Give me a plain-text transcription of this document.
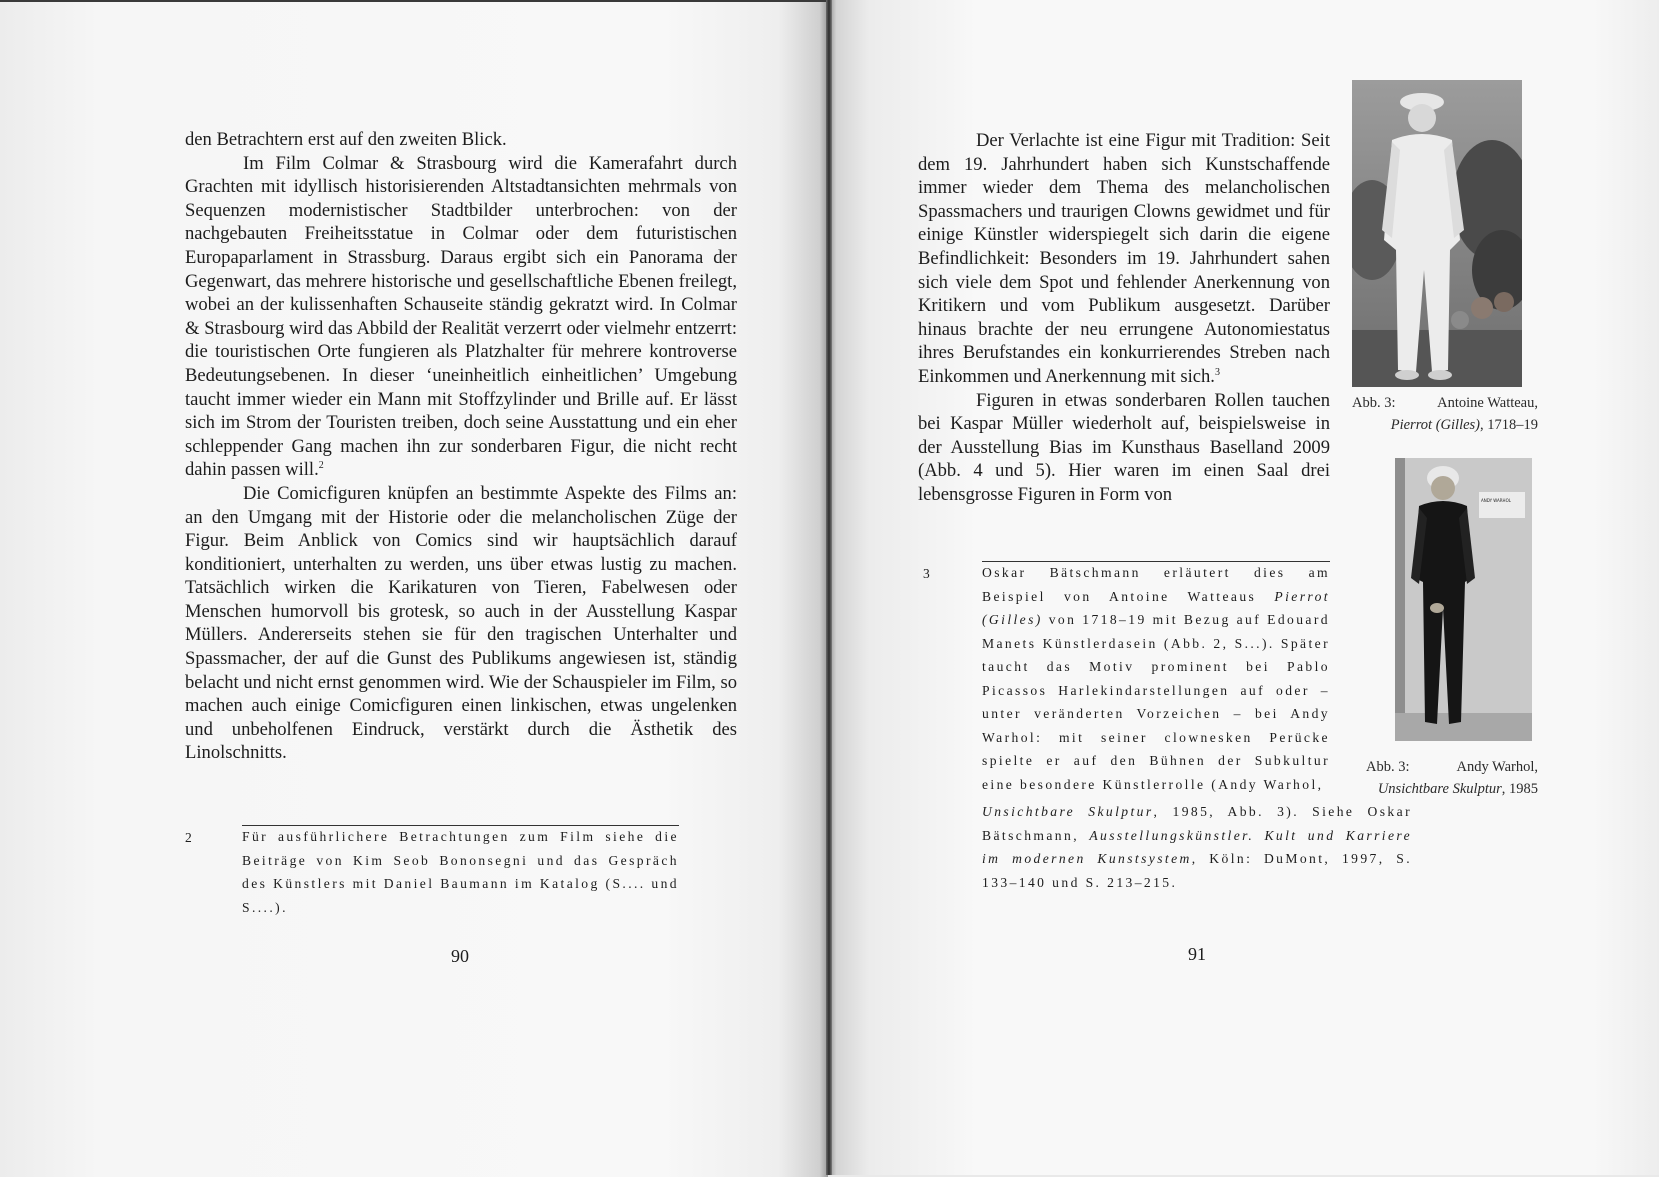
den Betrachtern erst auf den zweiten Blick.

Im Film Colmar & Strasbourg wird die Kamerafahrt durch Grachten mit idyllisch historisierenden Altstadtansichten mehrmals von Sequenzen modernistischer Stadtbilder unterbrochen: von der nachgebauten Freiheitsstatue in Colmar oder dem futuristischen Europaparlament in Strassburg. Daraus ergibt sich ein Panorama der Gegenwart, das mehrere historische und gesellschaftliche Ebenen freilegt, wobei an der kulissenhaften Schauseite ständig gekratzt wird. In Colmar & Strasbourg wird das Abbild der Realität verzerrt oder vielmehr entzerrt: die touristischen Orte fungieren als Platzhalter für mehrere kontroverse Bedeutungsebenen. In dieser ‘uneinheitlich einheitlichen’ Umgebung taucht immer wieder ein Mann mit Stoffzylinder und Brille auf. Er lässt sich im Strom der Touristen treiben, doch seine Ausstattung und ein eher schleppender Gang machen ihn zur sonderbaren Figur, die nicht recht dahin passen will.$^2$

Die Comicfiguren knüpfen an bestimmte Aspekte des Films an: an den Umgang mit der Historie oder die melancholischen Züge der Figur. Beim Anblick von Comics sind wir hauptsächlich darauf konditioniert, unterhalten zu werden, uns über etwas lustig zu machen. Tatsächlich wirken die Karikaturen von Tieren, Fabelwesen oder Menschen humorvoll bis grotesk, so auch in der Ausstellung Kaspar Müllers. Andererseits stehen sie für den tragischen Unterhalter und Spassmacher, der auf die Gunst des Publikums angewiesen ist, ständig belacht und nicht ernst genommen wird. Wie der Schauspieler im Film, so machen auch einige Comicfiguren einen linkischen, etwas ungelenken und unbeholfenen Eindruck, verstärkt durch die Ästhetik des Linolschnitts.

2	Für ausführlichere Betrachtungen zum Film siehe die Beiträge von Kim Seob Bononsegni und das Gespräch des Künstlers mit Daniel Baumann im Katalog (S.... und S....).

90

Der Verlachte ist eine Figur mit Tradition: Seit dem 19. Jahrhundert haben sich Kunstschaffende immer wieder dem Thema des melancholischen Spassmachers und traurigen Clowns gewidmet und für einige Künstler widerspiegelt sich darin die eigene Befindlichkeit: Besonders im 19. Jahrhundert sahen sich viele dem Spot und fehlender Anerkennung von Kritikern und vom Publikum ausgesetzt. Darüber hinaus brachte der neu errungene Autonomiestatus ihres Berufstandes ein konkurrierendes Streben nach Einkommen und Anerkennung mit sich.$^3$

Figuren in etwas sonderbaren Rollen tauchen bei Kaspar Müller wiederholt auf, beispielsweise in der Ausstellung Bias im Kunsthaus Baselland 2009 (Abb. 4 und 5). Hier waren im einen Saal drei lebensgrosse Figuren in Form von

3	Oskar Bätschmann erläutert dies am Beispiel von Antoine Watteaus Pierrot (Gilles) von 1718–19 mit Bezug auf Edouard Manets Künstlerdasein (Abb. 2, S...). Später taucht das Motiv prominent bei Pablo Picassos Harlekindarstellungen auf oder – unter veränderten Vorzeichen – bei Andy Warhol: mit seiner clownesken Perücke spielte er auf den Bühnen der Subkultur eine besondere Künstlerrolle (Andy Warhol,

Unsichtbare Skulptur, 1985, Abb. 3). Siehe Oskar Bätschmann, Ausstellungskünstler. Kult und Karriere im modernen Kunstsystem, Köln: DuMont, 1997, S. 133–140 und S. 213–215.

91
Abb. 3:	Antoine Watteau,
Pierrot (Gilles), 1718–19
ANDY WARHOL
Abb. 3:	Andy Warhol,
Unsichtbare Skulptur, 1985
